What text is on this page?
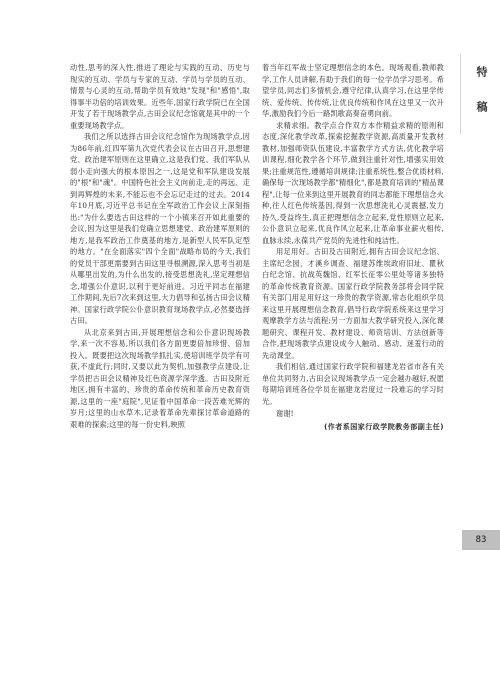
动性,思考的深入性,推进了理论与实践的互动、历史与现实的互动、学员与专家的互动、学员与学员的互动、情景与心灵的互动,帮助学员有效地"发现"和"感悟",取得事半功倍的培训效果。近些年,国家行政学院已在全国开发了若干现场教学点,古田会议纪念馆就是其中的一个重要现场教学点。

我们之所以选择古田会议纪念馆作为现场教学点,因为86年前,红四军第九次党代表会议在古田召开,思想建党、政治建军原则在这里确立,这是我们党、我们军队从弱小走向强大的根本原因之一,这是党和军队建设发展的"根"和"魂"。中国特色社会主义向前走,走的再远、走到再辉煌的未来,不能忘也不会忘记走过的过去。2014年10月底,习近平总书记在全军政治工作会议上深刻指出:"为什么要选古田这样的一个小镇来召开如此重要的会议,因为这里是我们党确立思想建党、政治建军原则的地方,是我军政治工作奠基的地方,是新型人民军队定型的地方。"在全面落实"四个全面"战略布局的今天,我们的党员干部更需要到古田这里寻根溯源,深入思考当初是从哪里出发的,为什么出发的,接受思想洗礼,坚定理想信念,增强公仆意识,以利于更好前进。习近平同志在福建工作期间,先后7次来到这里,大力倡导和弘扬古田会议精神。国家行政学院公仆意识教育现场教学点,必然要选择古田。

从北京来到古田,开展理想信念和公仆意识现场教学,来一次不容易,所以我们各方面更要倍加珍惜、倍加投入。既要把这次现场教学抓扎实,使培训班学员学有可获,不虚此行;同时,又要以此为契机,加强教学点建设,让学员把古田会议精神及红色资源学深学透。古田及附近地区,拥有丰富的、珍贵的革命传统和革命历史教育资源,这里的一座"庭院",见证着中国革命一段苦难光辉的岁月;这里的山水草木,记录着革命先辈探讨革命道路的艰难的探索;这里的每一份史料,映照

着当年红军战士坚定理想信念的本色。现场观看,教师教学,工作人员讲解,有助于我们的每一位学员学习思考。希望学员,同志们多情机会,遵守纪律,认真学习,在这里学传统、爱传统、传传统,让优良传统和作风在这里又一次升华,激励我们今后一路凯歌高奏奋勇向前。

求精求细。教学点合作双方本作精益求精的原则和态度,深化教学改革,探索挖掘教学资源,高质量开发教材教材,加强师资队伍建设,丰富教学方式方法,优化教学培训课程,细化教学各个环节,做到注重针对性,增强实用效果;注重规范性,遵循培训规律;注重系统性,整合优质材料,确保每一次现场教学都"精细化",都是教育培训的"精品课程",让每一位来到这里开展教育的同志都能下理想信念火种,往人红色传统基因,得到一次思想洗礼心灵震撼,发力持久,受益终生,真正把理想信念立起来,党性原则立起来,公仆意识立起来,优良作风立起来,让革命事业薪火相传,血脉永续,永葆共产党员的先进性和纯洁性。

用足用好。古田及古田附近,拥有古田会议纪念馆、主席纪念园、才溪乡调查、福建苏维埃政府旧址、瞿秋白纪念馆、抗战英魏馆、红军长征零公里处等诸多独特的革命传统教育资源。国家行政学院教务部将会同学院有关部门用足用好这一珍贵的教学资源,常态化组织学员来这里开展理想信念教育,倡导行政学院系统来这里学习观摩教学方法与流程;另一方面加大教学研究投入,深化课题研究、课程开发、教材建设、师资培训、方法创新等合作,把现场教学点建设成今人触动、感动、迷羞行动的先动课堂。

我们相信,通过国家行政学院和福建龙岩省市各有关单位共同努力,古田会议现场教学点一定会越办越好,祝愿每期培训班各位学员在福建龙岩度过一段难忘的学习时光。

谢谢!

(作者系国家行政学院教务部副主任)

特 稿
83
